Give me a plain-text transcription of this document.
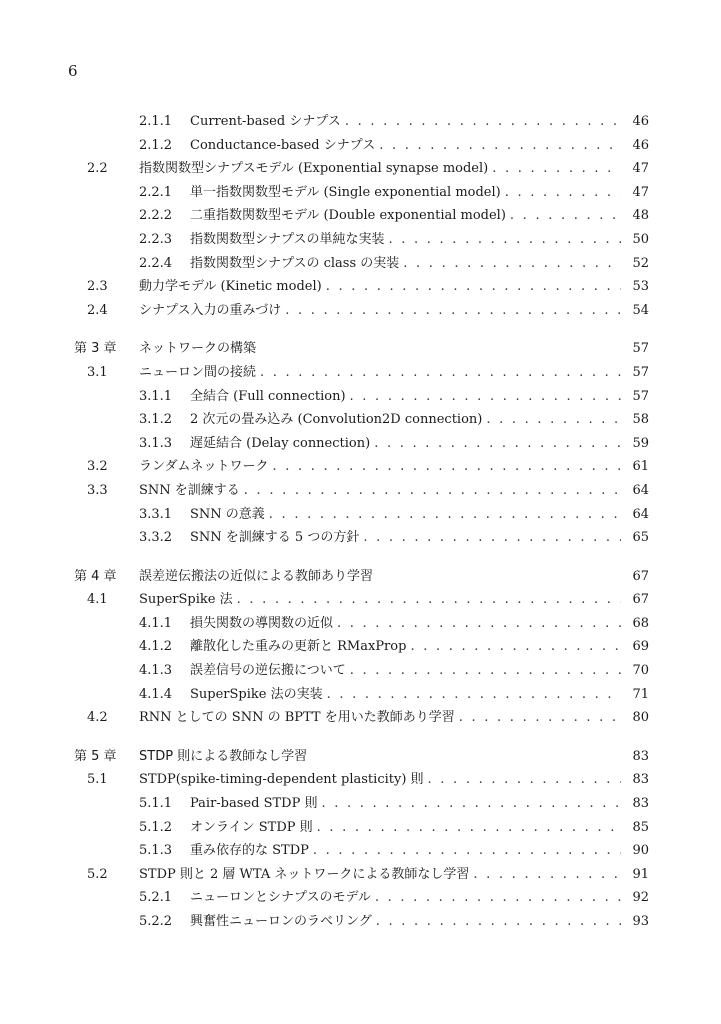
6
2.1.1 Current-based シナプス . . .	46
2.1.2 Conductance-based シナプス . . .	46
2.2 指数関数型シナプスモデル (Exponential synapse model) . . .	47
2.2.1 単一指数関数型モデル (Single exponential model) . . .	47
2.2.2 二重指数関数型モデル (Double exponential model) . . .	48
2.2.3 指数関数型シナプスの単純な実装 . . .	50
2.2.4 指数関数型シナプスの class の実装 . . .	52
2.3 動力学モデル (Kinetic model) . . .	53
2.4 シナプス入力の重みづけ . . .	54
第 3 章 ネットワークの構築	57
3.1 ニューロン間の接続 . . .	57
3.1.1 全結合 (Full connection) . . .	57
3.1.2 2 次元の畳み込み (Convolution2D connection) . . .	58
3.1.3 遅延結合 (Delay connection) . . .	59
3.2 ランダムネットワーク . . .	61
3.3 SNN を訓練する . . .	64
3.3.1 SNN の意義 . . .	64
3.3.2 SNN を訓練する 5 つの方針 . . .	65
第 4 章 誤差逆伝搬法の近似による教師あり学習	67
4.1 SuperSpike 法 . . .	67
4.1.1 損失関数の導関数の近似 . . .	68
4.1.2 離散化した重みの更新と RMaxProp . . .	69
4.1.3 誤差信号の逆伝搬について . . .	70
4.1.4 SuperSpike 法の実装 . . .	71
4.2 RNN としての SNN の BPTT を用いた教師あり学習 . . .	80
第 5 章 STDP 則による教師なし学習	83
5.1 STDP(spike-timing-dependent plasticity) 則 . . .	83
5.1.1 Pair-based STDP 則 . . .	83
5.1.2 オンライン STDP 則 . . .	85
5.1.3 重み依存的な STDP . . .	90
5.2 STDP 則と 2 層 WTA ネットワークによる教師なし学習 . . .	91
5.2.1 ニューロンとシナプスのモデル . . .	92
5.2.2 興奮性ニューロンのラベリング . . .	93
